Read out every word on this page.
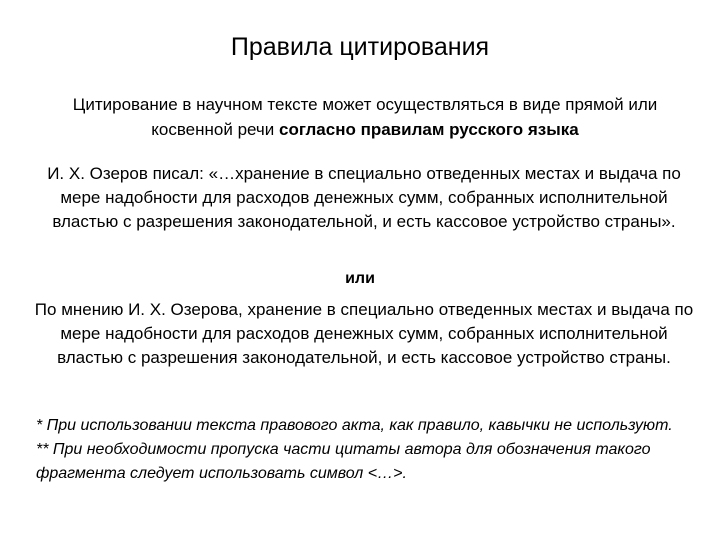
Правила цитирования
Цитирование в научном тексте может осуществляться в виде прямой или косвенной речи согласно правилам русского языка
И. Х. Озеров писал: «…хранение в специально отведенных местах и выдача по мере надобности для расходов денежных сумм, собранных исполнительной властью с разрешения законодательной, и есть кассовое устройство страны».
или
По мнению И. Х. Озерова, хранение в специально отведенных местах и выдача по мере надобности для расходов денежных сумм, собранных исполнительной властью с разрешения законодательной, и есть кассовое устройство страны.

* При использовании текста правового акта, как правило, кавычки не используют.

** При необходимости пропуска части цитаты автора для обозначения такого фрагмента следует использовать символ <…>.
